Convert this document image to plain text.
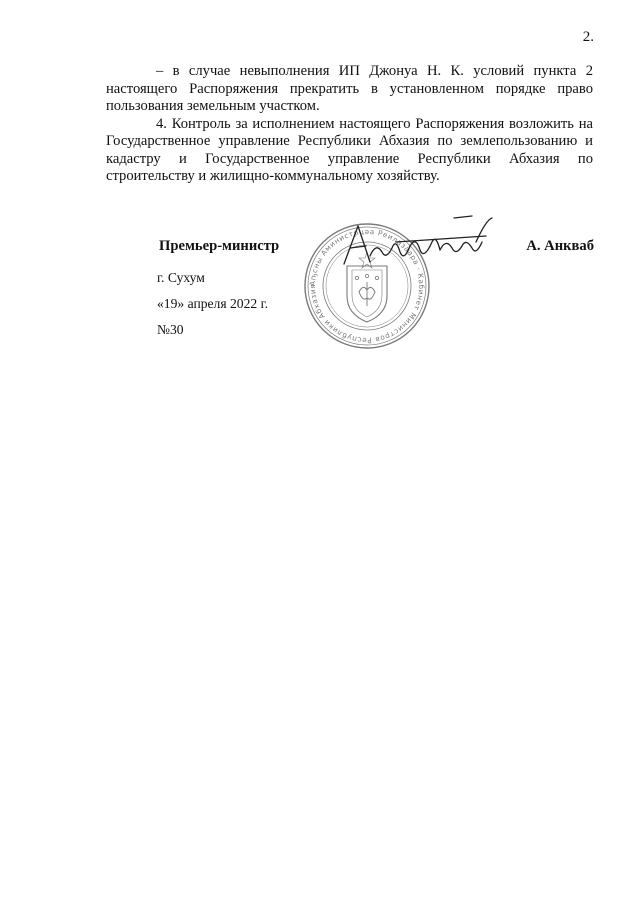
2.

– в случае невыполнения ИП Джонуа Н. К. условий пункта 2 настоящего Распоряжения прекратить в установленном порядке право пользования земельным участком.

4. Контроль за исполнением настоящего Распоряжения возложить на Государственное управление Республики Абхазия по землепользованию и кадастру и Государственное управление Республики Абхазия по строительству и жилищно-коммунальному хозяйству.

Премьер-министр	А. Анкваб
г. Сухум
«19» апреля 2022 г.
№30
Аҧсны Аминистрцәа Реилазаара · Кабинет Министров Республики Абхазия
